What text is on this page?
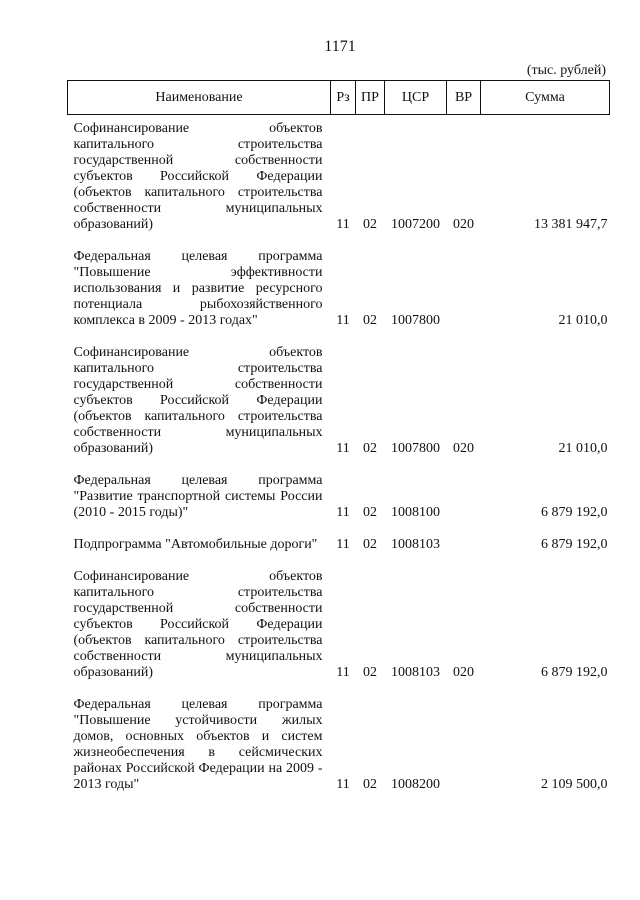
1171
(тыс. рублей)
Наименование	Рз	ПР	ЦСР	ВР	Сумма
Софинансирование объектов капитального строительства государственной собственности субъектов Российской Федерации (объектов капитального строительства собственности муниципальных образований)	11	02	1007200	020	13 381 947,7
Федеральная целевая программа "Повышение эффективности использования и развитие ресурсного потенциала рыбохозяйственного комплекса в 2009 - 2013 годах"	11	02	1007800		21 010,0
Софинансирование объектов капитального строительства государственной собственности субъектов Российской Федерации (объектов капитального строительства собственности муниципальных образований)	11	02	1007800	020	21 010,0
Федеральная целевая программа "Развитие транспортной системы России (2010 - 2015 годы)"	11	02	1008100		6 879 192,0
Подпрограмма "Автомобильные дороги"	11	02	1008103		6 879 192,0
Софинансирование объектов капитального строительства государственной собственности субъектов Российской Федерации (объектов капитального строительства собственности муниципальных образований)	11	02	1008103	020	6 879 192,0
Федеральная целевая программа "Повышение устойчивости жилых домов, основных объектов и систем жизнеобеспечения в сейсмических районах Российской Федерации на 2009 - 2013 годы"	11	02	1008200		2 109 500,0
